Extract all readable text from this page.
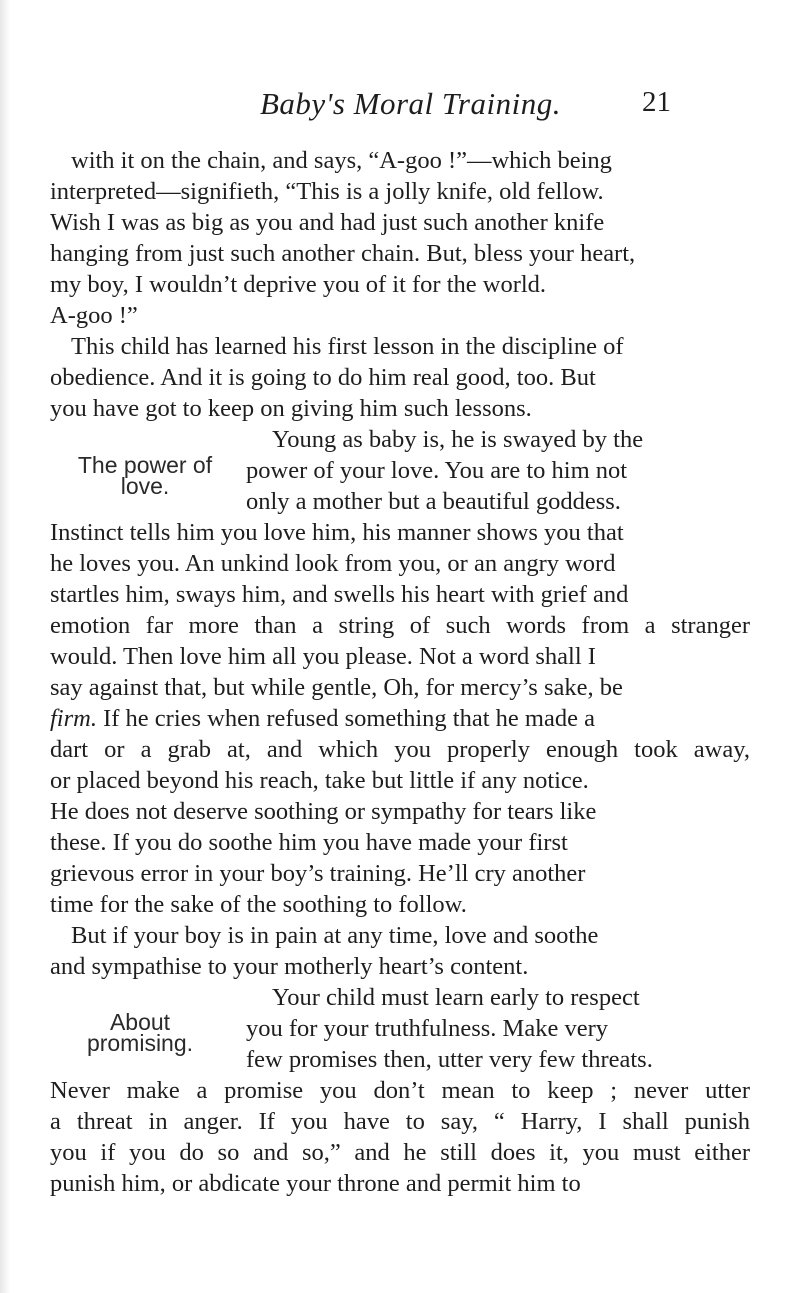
Baby's Moral Training.	21
with it on the chain, and says, “A-goo !”—which being
interpreted—signifieth, “This is a jolly knife, old fellow.
Wish I was as big as you and had just such another knife
hanging from just such another chain. But, bless your heart,
my boy, I wouldn’t deprive you of it for the world.
A-goo !”
This child has learned his first lesson in the discipline of
obedience. And it is going to do him real good, too. But
you have got to keep on giving him such lessons.
The power of
love.
Young as baby is, he is swayed by the
power of your love. You are to him not
only a mother but a beautiful goddess.
Instinct tells him you love him, his manner shows you that
he loves you. An unkind look from you, or an angry word
startles him, sways him, and swells his heart with grief and
emotion far more than a string of such words from a stranger
would. Then love him all you please. Not a word shall I
say against that, but while gentle, Oh, for mercy’s sake, be
firm. If he cries when refused something that he made a
dart or a grab at, and which you properly enough took away,
or placed beyond his reach, take but little if any notice.
He does not deserve soothing or sympathy for tears like
these. If you do soothe him you have made your first
grievous error in your boy’s training. He’ll cry another
time for the sake of the soothing to follow.
But if your boy is in pain at any time, love and soothe
and sympathise to your motherly heart’s content.
About
promising.
Your child must learn early to respect
you for your truthfulness. Make very
few promises then, utter very few threats.
Never make a promise you don’t mean to keep ; never utter
a threat in anger. If you have to say, “ Harry, I shall punish
you if you do so and so,” and he still does it, you must either
punish him, or abdicate your throne and permit him to
